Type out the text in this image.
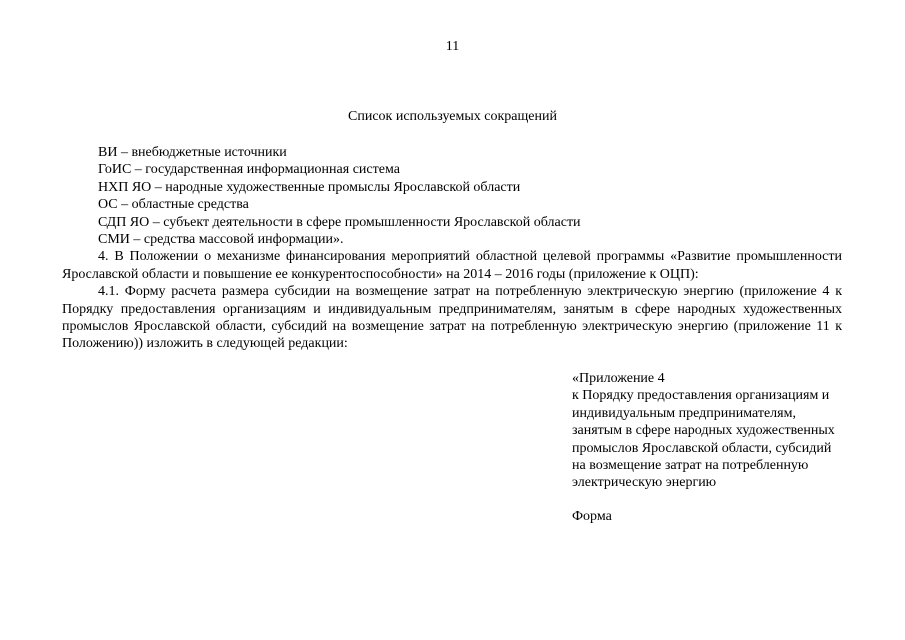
11
Список используемых сокращений
ВИ – внебюджетные источники
ГоИС – государственная информационная система
НХП ЯО – народные художественные промыслы Ярославской области
ОС – областные средства
СДП ЯО – субъект деятельности в сфере промышленности Ярославской области
СМИ – средства массовой информации».
4. В Положении о механизме финансирования мероприятий областной целевой программы «Развитие промышленности Ярославской области и повышение ее конкурентоспособности» на 2014 – 2016 годы (приложение к ОЦП):
4.1. Форму расчета размера субсидии на возмещение затрат на потребленную электрическую энергию (приложение 4 к Порядку предоставления организациям и индивидуальным предпринимателям, занятым в сфере народных художественных промыслов Ярославской области, субсидий на возмещение затрат на потребленную электрическую энергию (приложение 11 к Положению)) изложить в следующей редакции:
«Приложение 4
к Порядку предоставления организациям и
индивидуальным предпринимателям,
занятым в сфере народных художественных
промыслов Ярославской области, субсидий
на возмещение затрат на потребленную
электрическую энергию
Форма
